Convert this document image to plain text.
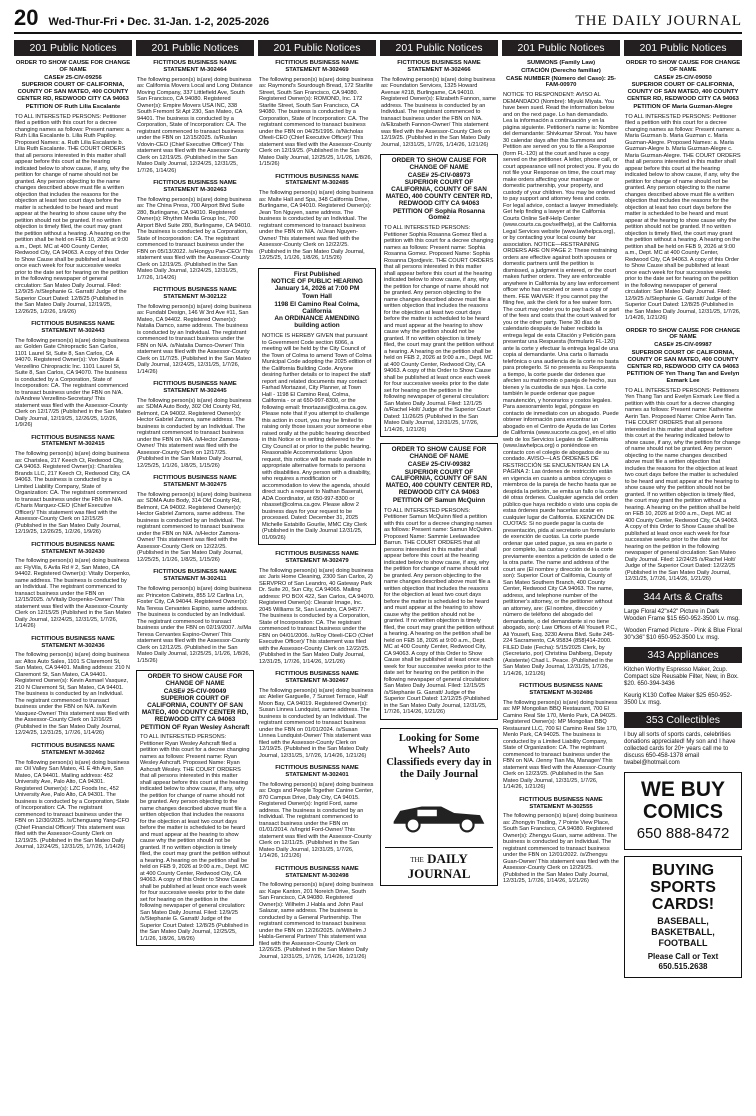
20 Wed-Thur-Fri • Dec. 31-Jan. 1-2, 2025-2026	THE DAILY JOURNAL
201 Public Notices
ORDER TO SHOW CAUSE FOR CHANGE OF NAME
CASE# 25-CIV-09256
SUPERIOR COURT OF CALIFORNIA, COUNTY OF SAN MATEO, 400 COUNTY CENTER RD, REDWOOD CITY CA 94063
PETITION OF Ruth Lilia Escalante

TO ALL INTERESTED PERSONS: Petitioner filed a petition with this court for a decree changing names as follows: Present names: a. Ruth Lilia Escalante b. Lilia Ruth Papiloy. Proposed Names: a. Ruth Lilia Escalante b. Lilia Ruth Escalante. THE COURT ORDERS that all persons interested in this matter shall appear before this court at the hearing indicated below to show cause, if any, why the petition for change of name should not be granted. Any person objecting to the name changes described above must file a written objection that includes the reasons for the objection at least two court days before the matter is scheduled to be heard and must appear at the hearing to show cause why the petition should not be granted. If no written objection is timely filed, the court may grant the petition without a hearing. A hearing on the petition shall be held on FEB 10, 2026 at 9:00 a.m., Dept. MC at 400 County Center, Redwood City, CA 94063. A copy of this Order to Show Cause shall be published at least once each week for four successive weeks prior to the date set for hearing on the petition in the following newspaper of general circulation: San Mateo Daily Journal. Filed: 12/9/25 /s/Stephanie G. Garratt/ Judge of the Superior Court Dated: 12/8/25 (Published in the San Mateo Daily Journal, 12/19/25, 12/26/25, 1/2/26, 1/9/26)

FICTITIOUS BUSINESS NAME STATEMENT M-302443

The following person(s) is(are) doing business as: Golden Gate Chiropractic San Carlos, 1101 Laurel St, Suite 8, San Carlos, CA 94070. Registered Owner(s): Von Stade & Verzellino Chiropractic Inc. 1101 Laurel St, Suite 8, San Carlos, CA 94070. The business is conducted by a Corporation, State of Incorporation: CA. The registrant commenced to transact business under the FBN on N/A. /s/Andrew Verzellino-Secretary/ This statement was filed with the Assessor-County Clerk on 12/17/25 (Published in the San Mateo Daily Journal, 12/19/25, 12/26/25, 1/2/26, 1/9/26)

FICTITIOUS BUSINESS NAME STATEMENT M-302415

The following person(s) is(are) doing business as: Charislea, 217 Keech Ct, Redwood City, CA 94063. Registered Owner(s): Charislea Brands LLC, 217 Keech Ct, Redwood City, CA 94063. The business is conducted by a Limited Liability Company, State of Organization: CA. The registrant commenced to transact business under the FBN on N/A. /Charis Marquez-CEO (Chief Executive Officer)/ This statement was filed with the Assessor-County Clerk on 12/15/25 (Published in the San Mateo Daily Journal, 12/19/25, 12/26/25, 1/2/26, 1/9/26)

FICTITIOUS BUSINESS NAME STATEMENT M-302430

The following person(s) is(are) doing business as: FlyVila, 6 Avila Rd # 2, San Mateo, CA 94402. Registered Owner(s): Vitaliy Dorpenko, same address. The business is conducted by an Individual. The registrant commenced to transact business under the FBN on 12/15/2025. /s/Vitaliy Dorpenko-Owner/ This statement was filed with the Assessor-County Clerk on 12/15/25 (Published in the San Mateo Daily Journal, 12/24/25, 12/31/25, 1/7/26, 1/14/26)

FICTITIOUS BUSINESS NAME STATEMENT M-302436

The following person(s) is(are) doing business as: Altos Auto Sales, 1101 S Claremont St, San Mateo, CA 94401. Mailing address: 210 N Claremont St, San Mateo, CA 94401. Registered Owner(s): Kevin Asmael Vasquez, 210 N Claremont St, San Mateo, CA 94401. The business is conducted by an Individual. The registrant commenced to transact business under the FBN on N/A. /s/Kevin Vasquez-Owner/ This statement was filed with the Assessor-County Clerk on 12/16/25 (Published in the San Mateo Daily Journal, 12/24/25, 12/31/25, 1/7/26, 1/14/26)

FICTITIOUS BUSINESS NAME STATEMENT M-302462

The following person(s) is(are) doing business as: Oil Valley San Mateo, 41 E 4th Ave, San Mateo, CA 94401. Mailing address: 452 University Ave, Palo Alto, CA 94301. Registered Owner(s): LZC Foods Inc, 452 University Ave, Palo Alto, CA 94301. The business is conducted by a Corporation, State of Incorporation: CA. The registrant commenced to transact business under the FBN on 12/30/2025. /s/Chenguang Yang-CFO (Chief Financial Officer)/ This statement was filed with the Assessor-County Clerk on 12/19/25. (Published in the San Mateo Daily Journal, 12/24/25, 12/31/25, 1/7/26, 1/14/26)

201 Public Notices
FICTITIOUS BUSINESS NAME STATEMENT M-302464

The following person(s) is(are) doing business as: California Movers Local and Long Distance Moving Company, 337 Littlefield Ave, South San Francisco, CA 94080. Registered Owner(s): Empire Movers USA INC, 338 South Fremont St Apt 230, San Mateo, CA 94401. The business is conducted by a Corporation, State of Incorporation: CA. The registrant commenced to transact business under the FBN on 12/15/2025. /s/Ruslan Vdovin-CEO (Chief Executive Officer)/ This statement was filed with the Assessor-County Clerk on 12/19/25. (Published in the San Mateo Daily Journal, 12/24/25, 12/31/25, 1/7/26, 1/14/26)

FICTITIOUS BUSINESS NAME STATEMENT M-302463

The following person(s) is(are) doing business as: The China Press, 700 Airport Blvd Suite 280, Burlingame, CA 94010. Registered Owner(s): Rhythm Media Group Inc, 700 Airport Blvd Suite 280, Burlingame, CA 94010. The business is conducted by a Corporation, State of Incorporation: CA. The registrant commenced to transact business under the FBN on 05/13/2022. /s/Hongyu Pan-CEO/ This statement was filed with the Assessor-County Clerk on 12/19/25. (Published in the San Mateo Daily Journal, 12/24/25, 12/31/25, 1/7/26, 1/14/26)

FICTITIOUS BUSINESS NAME STATEMENT M-302122

The following person(s) is(are) doing business as: Fundabl Design, 146 W 3rd Ave #11, San Mateo, CA 94402. Registered Owner(s): Natalia Damco, same address. The business is conducted by an Individual. The registrant commenced to transact business under the FBN on N/A. /s/Natalia Damco-Owner/ This statement was filed with the Assessor-County Clerk on 11/7/25. (Published in the San Mateo Daily Journal, 12/24/25, 12/31/25, 1/7/26, 1/14/26)

FICTITIOUS BUSINESS NAME STATEMENT M-302445

The following person(s) is(are) doing business as: SDMA Auto Body, 302 Old County Rd, Belmont, CA 94002. Registered Owner(s): Hector Gabriel Zamora, same address. The business is conducted by an Individual. The registrant commenced to transact business under the FBN on N/A. /s/Hector Zamora-Owner/ This statement was filed with the Assessor-County Clerk on 12/17/25. (Published in the San Mateo Daily Journal, 12/25/25, 1/1/26, 1/8/25, 1/15/26)

FICTITIOUS BUSINESS NAME STATEMENT M-302475

The following person(s) is(are) doing business as: SDMA Auto Body, 314 Old County Rd, Belmont, CA 94002. Registered Owner(s): Hector Gabriel Zamora, same address. The business is conducted by an Individual. The registrant commenced to transact business under the FBN on N/A. /s/Hector Zamora-Owner/ This statement was filed with the Assessor-County Clerk on 12/22/25. (Published in the San Mateo Daily Journal, 12/25/25, 1/1/26, 1/8/25, 1/15/26)

FICTITIOUS BUSINESS NAME STATEMENT M-302411

The following person(s) is(are) doing business as: Princeton Cabinets, 855 1/2 Carlina Ln, Foster City, CA 94044. Registered Owner(s): Ma Teresa Cervantes Espino, same address. The business is conducted by an Individual. The registrant commenced to transact business under the FBN on 02/19/2007. /s/Ma Teresa Cervantes Espino-Owner/ This statement was filed with the Assessor-County Clerk on 12/12/25. (Published in the San Mateo Daily Journal, 12/25/25, 1/1/26, 1/8/26, 1/15/26)

ORDER TO SHOW CAUSE FOR CHANGE OF NAME
CASE# 25-CIV-09049
SUPERIOR COURT OF CALIFORNIA, COUNTY OF SAN MATEO, 400 COUNTY CENTER RD, REDWOOD CITY CA 94063
PETITION OF Ryan Wesley Ashcraft

TO ALL INTERESTED PERSONS: Petitioner Ryan Wesley Ashcraft filed a petition with this court for a decree changing names as follows: Present name: Ryan Wesley Ashcraft. Proposed Name: Ryan Ashcraft Wesley. THE COURT ORDERS that all persons interested in this matter shall appear before this court at the hearing indicated below to show cause, if any, why the petition for change of name should not be granted. Any person objecting to the name changes described above must file a written objection that includes the reasons for the objection at least two court days before the matter is scheduled to be heard and must appear at the hearing to show cause why the petition should not be granted. If no written objection is timely filed, the court may grant the petition without a hearing. A hearing on the petition shall be held on FEB 9, 2026 at 9:00 a.m., Dept. MC at 400 County Center, Redwood City, CA 94063. A copy of this Order to Show Cause shall be published at least once each week for four successive weeks prior to the date set for hearing on the petition in the following newspaper of general circulation: San Mateo Daily Journal. Filed: 12/9/25 /s/Stephanie G. Garratt/ Judge of the Superior Court Dated: 12/8/25 (Published in the San Mateo Daily Journal, 12/25/25, 1/1/26, 1/8/26, 1/8/26)

201 Public Notices
FICTITIOUS BUSINESS NAME STATEMENT M-302469

The following person(s) is(are) doing business as: Raymond's Sourdough Bread, 172 Starlite Street, South San Francisco, CA 94080. Registered Owner(s): ROMOND, Inc. 172 Starlite Street, South San Francisco, CA 94080. The business is conducted by a Corporation, State of Incorporation: CA. The registrant commenced to transact business under the FBN on 04/25/1995. /s/Nicholas Ofeeli-CEO (Chief Executive Officer)/ This statement was filed with the Assessor-County Clerk on 12/19/25. (Published in the San Mateo Daily Journal, 12/25/25, 1/1/26, 1/8/26, 1/15/26)

FICTITIOUS BUSINESS NAME STATEMENT M-302485

The following person(s) is(are) doing business as: Malte Hall and Spa, 348 California Drive, Burlingame, CA 94010. Registered Owner(s): Jean Ton Nguyen, same address. The business is conducted by an Individual. The registrant commenced to transact business under the FBN on N/A. /s/Jean Nguyen-Owner/ This statement was filed with the Assessor-County Clerk on 12/22/25. (Published in the San Mateo Daily Journal, 12/25/25, 1/1/26, 1/8/26, 1/15/26)

First Published
NOTICE OF PUBLIC HEARING January 14, 2026 at 7:00 PM
Town Hall
1198 El Camino Real Colma, California
An ORDINANCE AMENDING building action

NOTICE IS HEREBY GIVEN that pursuant to Government Code section 6066, a meeting will be held by the City Council of the Town of Colma to amend Town of Colma Municipal Code adopting the 2025 edition of the California Building Code. Anyone desiring further details or to inspect the staff report and related documents may contact Farhad Mortazavi, City Planner, at Town Hall - 1198 El Camino Real, Colma, California - or at 650-997-8300, or the following email: fmortazavi@colma.ca.gov. Please note that if you attempt to challenge this action in court, you may be limited to raising only those issues your someone else raised orally at the public hearing described in this Notice or in writing delivered to the City Council at or prior to the public hearing. Reasonable Accommodations: Upon request, this notice will be made available in appropriate alternative formats to persons with disabilities. Any person with a disability, who requires a modification or accommodation to view the agenda, should direct such a request to Nathan Baserati, ADA Coordinator, at 650-997-8300 or nbasset@colma.ca.gov. Please allow 2 business days for your request to be processed. Dated: December 31, 2025 Michelle Estabillo Gourlie, MMC City Clerk (Published in the Daily Journal 12/31/25, 01/09/26)

FICTITIOUS BUSINESS NAME STATEMENT M-302479

The following person(s) is(are) doing business as: Jaris Home Cleaning, 2300 San Carlos, 2) SERVPRO of San Leandro, 40 Gateway Park Dr. Suite 20, Sun City, CA 94065. Mailing address: PO BOX 422, San Carlos, CA 94070. Registered Owner(s): Clearair Image, Inc. 2045 Williams St, San Leandro, CA 94577. The business is conducted by a Corporation, State of Incorporation: CA. The registrant commenced to transact business under the FBN on 04/01/2006. /s/Roy Oteeli-CEO (Chief Executive Officer)/ This statement was filed with the Assessor-County Clerk on 12/22/25. (Published in the San Mateo Daily Journal, 12/31/25, 1/7/26, 1/14/26, 1/21/26)

FICTITIOUS BUSINESS NAME STATEMENT M-302467

The following person(s) is(are) doing business as: Atelier Garguelle, 7 Sunset Terrace, Half Moon Bay, CA 94019. Registered Owner(s): Susan Linnea Lundquist, same address. The business is conducted by an Individual. The registrant commenced to transact business under the FBN on 01/01/2024. /s/Susan Linnea Lundquist-Owner/ This statement was filed with the Assessor-County Clerk on 12/19/25. (Published in the San Mateo Daily Journal, 12/31/25, 1/7/26, 1/14/26, 1/21/26)

FICTITIOUS BUSINESS NAME STATEMENT M-302401

The following person(s) is(are) doing business as: Dogs and People Together Canine Center, 870 Campus Drive, Daly City, CA 94015. Registered Owner(s): Ingrid Ford, same address. The business is conducted by an Individual. The registrant commenced to transact business under the FBN on 01/01/2014. /s/Ingrid Ford-Owner/ This statement was filed with the Assessor-County Clerk on 12/11/25. (Published in the San Mateo Daily Journal, 12/31/25, 1/7/26, 1/14/26, 1/21/26)

FICTITIOUS BUSINESS NAME STATEMENT M-302498

The following person(s) is(are) doing business as: Kape Kanton, 201 Noreich Drive, South San Francisco, CA 94080. Registered Owner(s): Wilhelm J Habla and John Paul Salazar, same address. The business is conducted by a General Partnership. The registrant commenced to transact business under the FBN on 12/26/2025. /s/Wilhelm J Habla-General Partner/ This statement was filed with the Assessor-County Clerk on 12/26/25. (Published in the San Mateo Daily Journal, 12/31/25, 1/7/26, 1/14/26, 1/21/26)

201 Public Notices
FICTITIOUS BUSINESS NAME STATEMENT M-302466

The following person(s) is(are) doing business as: Foundation Services, 1325 Howard Avenue #218, Burlingame, CA 94010. Registered Owner(s): Elizabeth Fannon, same address. The business is conducted by an Individual. The registrant commenced to transact business under the FBN on N/A. /s/Elizabeth Fannon-Owner/ This statement was filed with the Assessor-County Clerk on 12/19/25. (Published in the San Mateo Daily Journal, 12/31/25, 1/7/26, 1/14/26, 1/21/26)

ORDER TO SHOW CAUSE FOR CHANGE OF NAME
CASE# 25-CIV-08973
SUPERIOR COURT OF CALIFORNIA, COUNTY OF SAN MATEO, 400 COUNTY CENTER RD, REDWOOD CITY CA 94063
PETITION OF Sophia Rosanna Gomez

TO ALL INTERESTED PERSONS: Petitioner Sophia Rosanna Gomez filed a petition with this court for a decree changing names as follows: Present name: Sophia Rosanna Gomez. Proposed Name: Sophia Rosanna Djordjevic. THE COURT ORDERS that all persons interested in this matter shall appear before this court at the hearing indicated below to show cause, if any, why the petition for change of name should not be granted. Any person objecting to the name changes described above must file a written objection that includes the reasons for the objection at least two court days before the matter is scheduled to be heard and must appear at the hearing to show cause why the petition should not be granted. If no written objection is timely filed, the court may grant the petition without a hearing. A hearing on the petition shall be held on FEB 2, 2026 at 9:00 a.m., Dept. MC at 400 County Center, Redwood City, CA 94063. A copy of this Order to Show Cause shall be published at least once each week for four successive weeks prior to the date set for hearing on the petition in the following newspaper of general circulation: San Mateo Daily Journal. Filed: 12/1/25 /s/Rachel Holt/ Judge of the Superior Court Dated: 11/26/25 (Published in the San Mateo Daily Journal, 12/31/25, 1/7/26, 1/14/26, 1/21/26)

ORDER TO SHOW CAUSE FOR CHANGE OF NAME
CASE# 25-CIV-09382
SUPERIOR COURT OF CALIFORNIA, COUNTY OF SAN MATEO, 400 COUNTY CENTER RD, REDWOOD CITY CA 94063
PETITION OF Samun McQuinn

TO ALL INTERESTED PERSONS: Petitioner Samun McQuinn filed a petition with this court for a decree changing names as follows: Present name: Samun McQuinn. Proposed Name: Sammie Leelawadee Barrun. THE COURT ORDERS that all persons interested in this matter shall appear before this court at the hearing indicated below to show cause, if any, why the petition for change of name should not be granted. Any person objecting to the name changes described above must file a written objection that includes the reasons for the objection at least two court days before the matter is scheduled to be heard and must appear at the hearing to show cause why the petition should not be granted. If no written objection is timely filed, the court may grant the petition without a hearing. A hearing on the petition shall be held on FEB 18, 2026 at 9:00 a.m., Dept. MC at 400 County Center, Redwood City, CA 94063. A copy of this Order to Show Cause shall be published at least once each week for four successive weeks prior to the date set for hearing on the petition in the following newspaper of general circulation: San Mateo Daily Journal. Filed: 12/15/25 /s/Stephanie G. Garratt/ Judge of the Superior Court Dated: 12/12/25 (Published in the San Mateo Daily Journal, 12/31/25, 1/7/26, 1/14/26, 1/21/26)

Looking for Some Wheels? Auto Classifieds every day in the Daily Journal
THE DAILY JOURNAL
201 Public Notices
SUMMONS (Family Law)
CITACIÓN (Derecho familiar)
CASE NUMBER (Número del Caso): 25-FAM-00970

NOTICE TO RESPONDENT: AVISO AL DEMANDADO (Nombre): Miyuki Miyata. You have been sued. Read the information below and on the next page. Lo han demandado. Lea la información a continuación y en la página siguiente. Petitioner's name is: Nombre del demandante: Shivkumar Shroat. You have 30 calendar days after this Summons and Petition are served on you to file a Response (form FL-120) at the court and have a copy served on the petitioner. A letter, phone call, or court appearance will not protect you. If you do not file your Response on time, the court may make orders affecting your marriage or domestic partnership, your property, and custody of your children. You may be ordered to pay support and attorney fees and costs. For legal advice, contact a lawyer immediately. Get help finding a lawyer at the California Courts Online Self-Help Center (www.courts.ca.gov/selfhelp), at the California Legal Services website (www.lawhelpca.org), or by contacting your local county bar association. NOTICE—RESTRAINING ORDERS ARE ON PAGE 2: These restraining orders are effective against both spouses or domestic partners until the petition is dismissed, a judgment is entered, or the court makes further orders. They are enforceable anywhere in California by any law enforcement officer who has received or seen a copy of them. FEE WAIVER: If you cannot pay the filing fee, ask the clerk for a fee waiver form. The court may order you to pay back all or part of the fees and costs that the court waived for you or the other party. Tiene 30 días de calendario después de haber recibido la entrega legal de esta Citación y Petición para presentar una Respuesta (formulario FL-120) ante la corte y efectuar la entrega legal de una copia al demandante. Una carta o llamada telefónica o una audiencia de la corte no basta para protegerlo. Si no presenta su Respuesta a tiempo, la corte puede dar órdenes que afecten su matrimonio o pareja de hecho, sus bienes y la custodia de sus hijos. La corte también le puede ordenar que pague manutención, y honorarios y costos legales. Para asesoramiento legal, póngase en contacto de inmediato con un abogado. Puede obtener información para encontrar un abogado en el Centro de Ayuda de las Cortes de California (www.sucorte.ca.gov), en el sitio web de los Servicios Legales de California (www.lawhelpca.org) o poniéndose en contacto con el colegio de abogados de su condado. AVISO—LAS ÓRDENES DE RESTRICCIÓN SE ENCUENTRAN EN LA PÁGINA 2: Las órdenes de restricción están en vigencia en cuanto a ambos cónyuges o miembros de la pareja de hecho hasta que se despida la petición, se emita un fallo o la corte dé otras órdenes. Cualquier agencia del orden público que haya recibido o visto una copia de estas órdenes puede hacerlas acatar en cualquier lugar de California. EXENCIÓN DE CUOTAS: Si no puede pagar la cuota de presentación, pida al secretario un formulario de exención de cuotas. La corte puede ordenar que usted pague, ya sea en parte o por completo, las cuotas y costos de la corte previamente exentos a petición de usted o de la otra parte. The name and address of the court are (El nombre y dirección de la corte son): Superior Court of California, County of San Mateo Southern Branch, 400 County Center, Redwood City CA 94063. The name, address, and telephone number of the petitioner's attorney, or the petitioner without an attorney, are: (El nombre, dirección y número de teléfono del abogado del demandante, o del demandante si no tiene abogado, son): Law Offices of Ali Yousefi P.C., Ali Yousefi, Esq. 3230 Arena Blvd. Suite 245-224 Sacramento, CA 95834 (858)414-2000. FILED Date (Fecha): 5/15/2025 Clerk, by (Secretario, por) Christina Dahlberg, Deputy (Asistente) Chad L. Peace. (Published in the San Mateo Daily Journal, 12/31/25, 1/7/26, 1/14/26, 1/21/26)

FICTITIOUS BUSINESS NAME STATEMENT M-302486

The following person(s) is(are) doing business as: MP Mongolian BBQ Restaurant, 700 El Camino Real Ste 170, Menlo Park, CA 94025. Registered Owner(s): MP Mongolian BBQ Restaurant LLC, 700 El Camino Real Ste 170, Menlo Park, CA 94025. The business is conducted by a Limited Liability Company, State of Organization: CA. The registrant commenced to transact business under the FBN on N/A. /Jenny Tian Ma, Manager/ This statement was filed with the Assessor-County Clerk on 12/23/25. (Published in the San Mateo Daily Journal, 12/31/25, 1/7/26, 1/14/26, 1/21/26)

FICTITIOUS BUSINESS NAME STATEMENT M-302555

The following person(s) is(are) doing business as: Zhongyin Trading, 7 Pointe View Place, South San Francisco, CA 94080. Registered Owner(s): Zhengyu Guan, same address. The business is conducted by an Individual. The registrant commenced to transact business under the FBN on 12/01/2022. /s/Zhengyu Guan-Owner/ This statement was filed with the Assessor-County Clerk on 12/29/25. (Published in the San Mateo Daily Journal, 12/31/25, 1/7/26, 1/14/26, 1/21/26)

201 Public Notices
ORDER TO SHOW CAUSE FOR CHANGE OF NAME
CASE# 25-CIV-09050
SUPERIOR COURT OF CALIFORNIA, COUNTY OF SAN MATEO, 400 COUNTY CENTER RD, REDWOOD CITY CA 94063
PETITION OF Maria Guzman-Alegre

TO ALL INTERESTED PERSONS: Petitioner filed a petition with this court for a decree changing names as follows: Present names: a. Maria Guzman b. Maria Guzman c. Maria Guzman-Alegre. Proposed Names: a. Maria Guzman-Alegre b. Maria Guzman-Alegre c. Maria Guzman-Alegre. THE COURT ORDERS that all persons interested in this matter shall appear before this court at the hearing indicated below to show cause, if any, why the petition for change of name should not be granted. Any person objecting to the name changes described above must file a written objection that includes the reasons for the objection at least two court days before the matter is scheduled to be heard and must appear at the hearing to show cause why the petition should not be granted. If no written objection is timely filed, the court may grant the petition without a hearing. A hearing on the petition shall be held on FEB 9, 2026 at 9:00 a.m., Dept. MC at 400 County Center, Redwood City, CA 94063. A copy of this Order to Show Cause shall be published at least once each week for four successive weeks prior to the date set for hearing on the petition in the following newspaper of general circulation: San Mateo Daily Journal. Filed: 12/9/25 /s/Stephanie G. Garratt/ Judge of the Superior Court Dated: 12/8/25 (Published in the San Mateo Daily Journal, 12/31/25, 1/7/26, 1/14/26, 1/21/26)

ORDER TO SHOW CAUSE FOR CHANGE OF NAME
CASE# 25-CIV-09987
SUPERIOR COURT OF CALIFORNIA, COUNTY OF SAN MATEO, 400 COUNTY CENTER RD, REDWOOD CITY CA 94063
PETITION OF Yen Thang Tan and Evelyn Exmark Lee

TO ALL INTERESTED PERSONS: Petitioners Yen Thang Tan and Evelyn Exmark Lee filed a petition with this court for a decree changing names as follows: Present name: Katherine Aerin Tan. Proposed Name: Chloe Aerin Tan. THE COURT ORDERS that all persons interested in this matter shall appear before this court at the hearing indicated below to show cause, if any, why the petition for change of name should not be granted. Any person objecting to the name changes described above must file a written objection that includes the reasons for the objection at least two court days before the matter is scheduled to be heard and must appear at the hearing to show cause why the petition should not be granted. If no written objection is timely filed, the court may grant the petition without a hearing. A hearing on the petition shall be held on FEB 10, 2026 at 9:00 a.m., Dept. MC at 400 County Center, Redwood City, CA 94063. A copy of this Order to Show Cause shall be published at least once each week for four successive weeks prior to the date set for hearing on the petition in the following newspaper of general circulation: San Mateo Daily Journal. Filed: 12/24/25 /s/Rachel Holt/ Judge of the Superior Court Dated: 12/22/25 (Published in the San Mateo Daily Journal, 12/31/25, 1/7/26, 1/14/26, 1/21/26)

344 Arts & Crafts
Large Floral 42"x42" Picture in Dark Wooden Frame $15 650-952-3500 Lv. msg.
Wooden Framed Picture - Pink & Blue Floral 30"x36" $10 650-952-3500 Lv. msg.
343 Appliances
Kitchen Worthy Espresso Maker, 2cup. Compact size Reusable Filter, New, in Box. $20. 650-394-3436
Keurig K130 Coffee Maker $25 650-952-3500 Lv. msg.
353 Collectibles
I buy all sorts of sports cards, celebrities donations appreciated! My son and I have collected cards for 20+ years call me to discuss 650-458-1378 email twabel@hotmail.com
WE BUY
COMICS
650 888-8472
BUYING SPORTS CARDS!
BASEBALL, BASKETBALL, FOOTBALL
Please Call or Text 650.515.2638
